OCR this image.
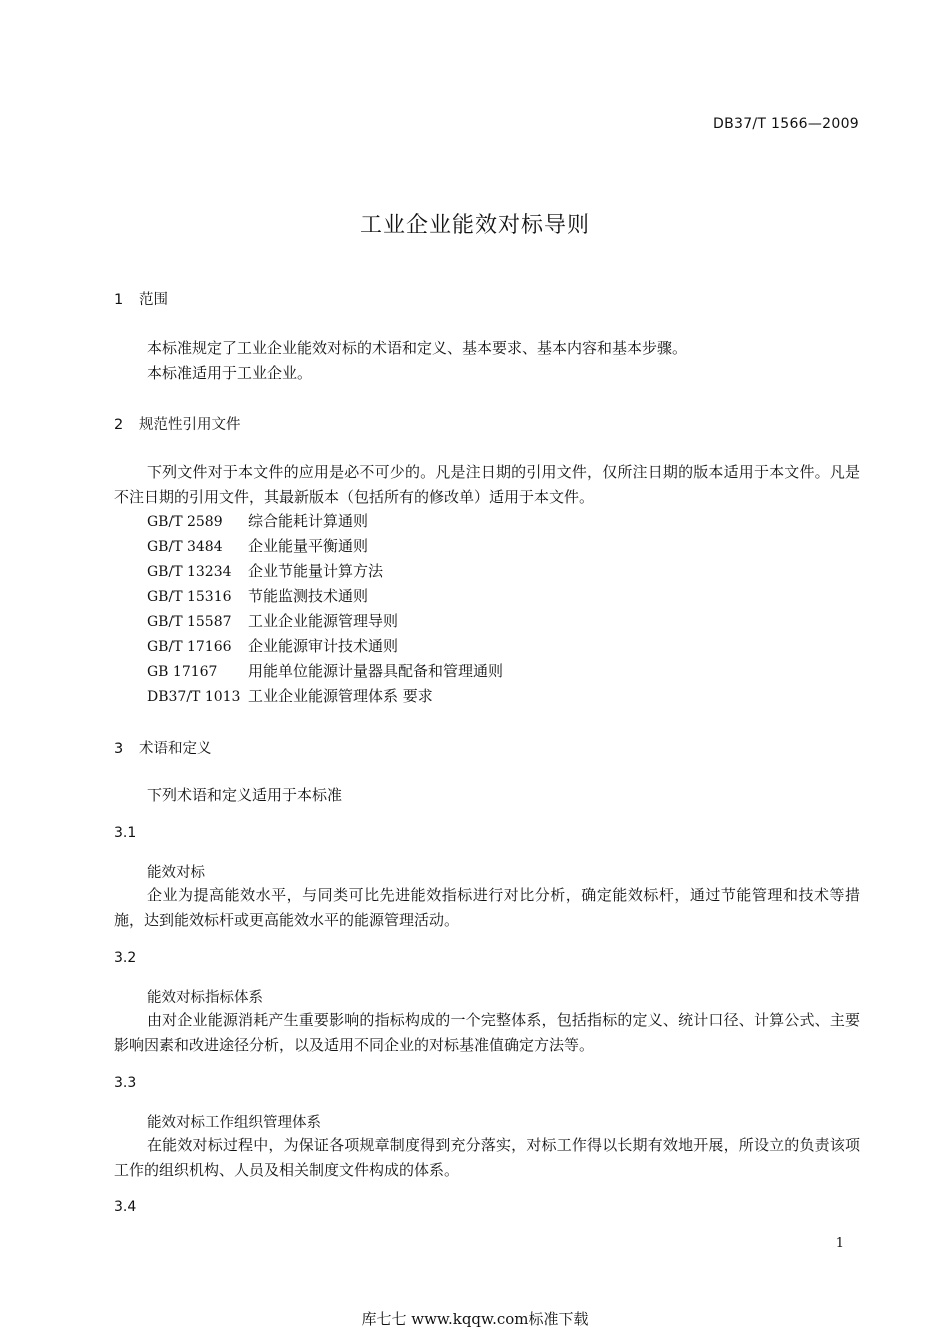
DB37/T 1566—2009
工业企业能效对标导则
1 范围

本标准规定了工业企业能效对标的术语和定义、基本要求、基本内容和基本步骤。

本标准适用于工业企业。

2 规范性引用文件

下列文件对于本文件的应用是必不可少的。凡是注日期的引用文件，仅所注日期的版本适用于本文件。凡是不注日期的引用文件，其最新版本（包括所有的修改单）适用于本文件。

GB/T 2589 综合能耗计算通则
GB/T 3484 企业能量平衡通则
GB/T 13234 企业节能量计算方法
GB/T 15316 节能监测技术通则
GB/T 15587 工业企业能源管理导则
GB/T 17166 企业能源审计技术通则
GB 17167 用能单位能源计量器具配备和管理通则
DB37/T 1013 工业企业能源管理体系 要求
3 术语和定义

下列术语和定义适用于本标准

3.1
能效对标

企业为提高能效水平，与同类可比先进能效指标进行对比分析，确定能效标杆，通过节能管理和技术等措施，达到能效标杆或更高能效水平的能源管理活动。

3.2
能效对标指标体系

由对企业能源消耗产生重要影响的指标构成的一个完整体系，包括指标的定义、统计口径、计算公式、主要影响因素和改进途径分析，以及适用不同企业的对标基准值确定方法等。

3.3
能效对标工作组织管理体系

在能效对标过程中，为保证各项规章制度得到充分落实，对标工作得以长期有效地开展，所设立的负责该项工作的组织机构、人员及相关制度文件构成的体系。

3.4
1
库七七 www.kqqw.com标准下载
